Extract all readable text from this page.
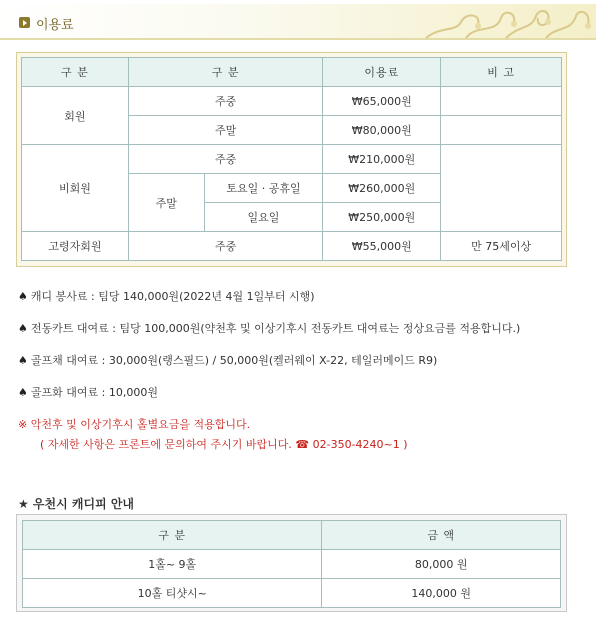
이용료
구 분	구 분		이용료	비 고
회원	주중		₩65,000원	
	주말		₩80,000원	
비회원	주중		₩210,000원	
	주말	토요일 · 공휴일	₩260,000원	
		일요일	₩250,000원	
고령자회원	주중		₩55,000원	만 75세이상
♠ 캐디 봉사료 : 팀당 140,000원(2022년 4월 1일부터 시행)
♠ 전동카트 대여료 : 팀당 100,000원(약천후 및 이상기후시 전동카트 대여료는 정상요금를 적용합니다.)
♠ 골프채 대여료 : 30,000원(랭스필드) / 50,000원(켈러웨이 X-22, 테일러메이드 R9)
♠ 골프화 대여료 : 10,000원
※ 악천후 및 이상기후시 홀별요금을 적용합니다.
( 자세한 사항은 프론트에 문의하여 주시기 바랍니다. ☎ 02-350-4240~1 )
★ 우천시 캐디피 안내
구 분	금 액
1홀~ 9홀	80,000 원
10홀 티샷시~	140,000 원
